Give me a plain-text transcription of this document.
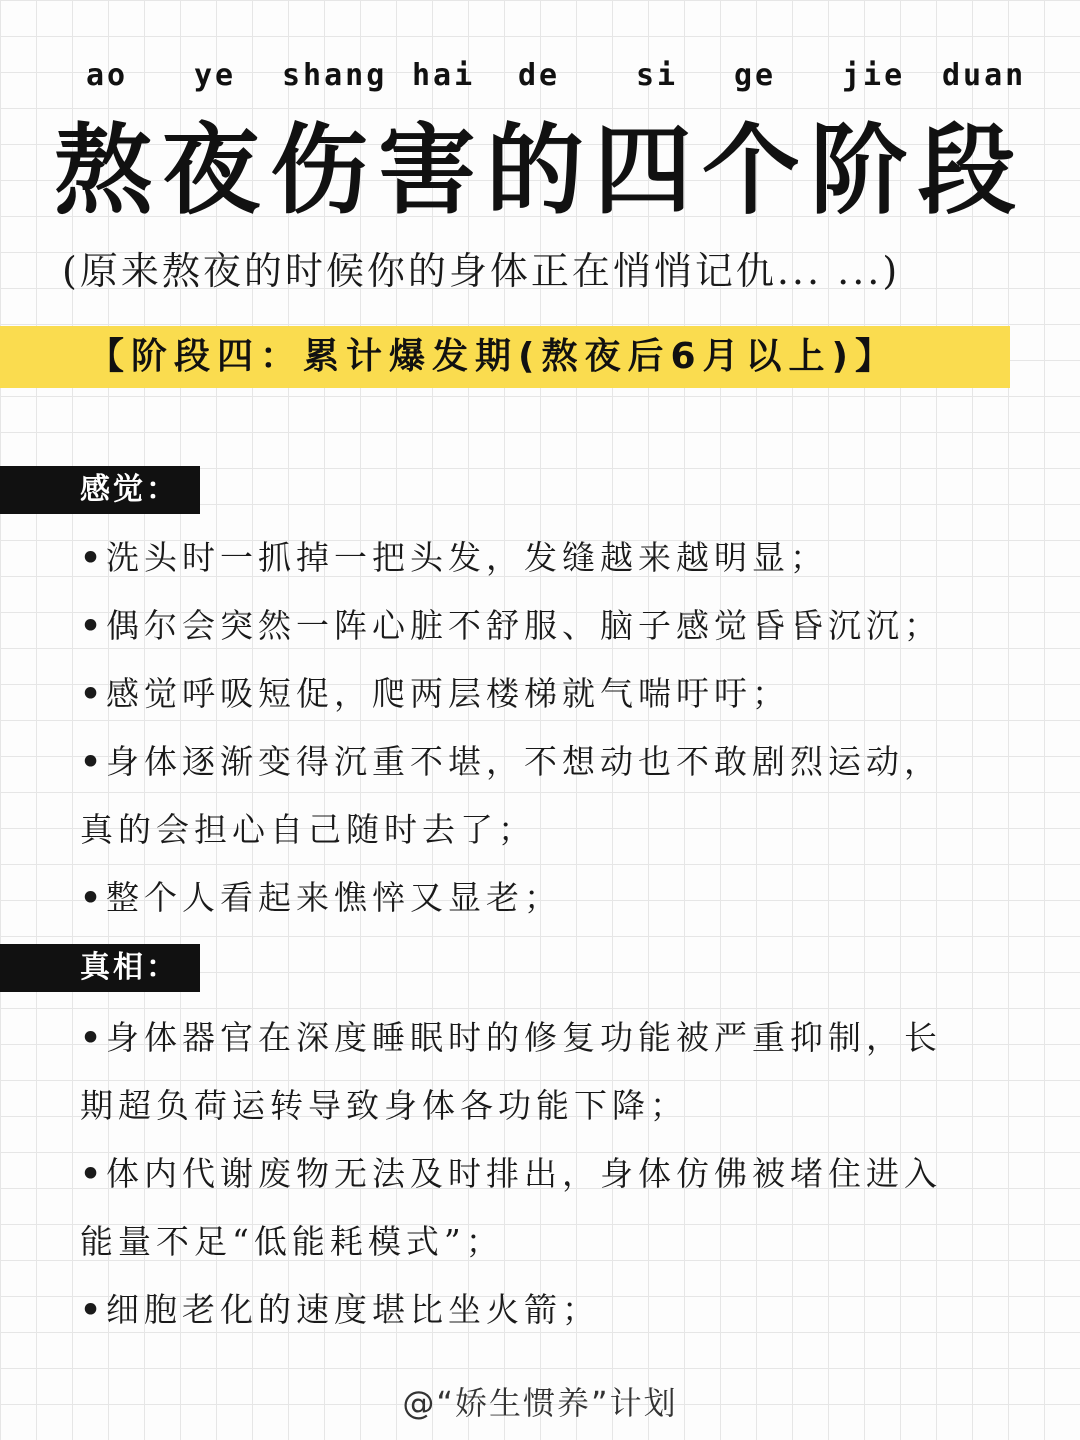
ao ye shang hai de	si ge jie duan
熬夜伤害的四个阶段
(原来熬夜的时候你的身体正在悄悄记仇... ...)
【阶段四：累计爆发期(熬夜后6月以上)】
感觉：
•洗头时一抓掉一把头发，发缝越来越明显；
•偶尔会突然一阵心脏不舒服、脑子感觉昏昏沉沉；
•感觉呼吸短促，爬两层楼梯就气喘吁吁；
•身体逐渐变得沉重不堪，不想动也不敢剧烈运动，
真的会担心自己随时去了；
•整个人看起来憔悴又显老；
真相：
•身体器官在深度睡眠时的修复功能被严重抑制，长
期超负荷运转导致身体各功能下降；
•体内代谢废物无法及时排出，身体仿佛被堵住进入
能量不足“低能耗模式”；
•细胞老化的速度堪比坐火箭；
@“娇生惯养”计划
